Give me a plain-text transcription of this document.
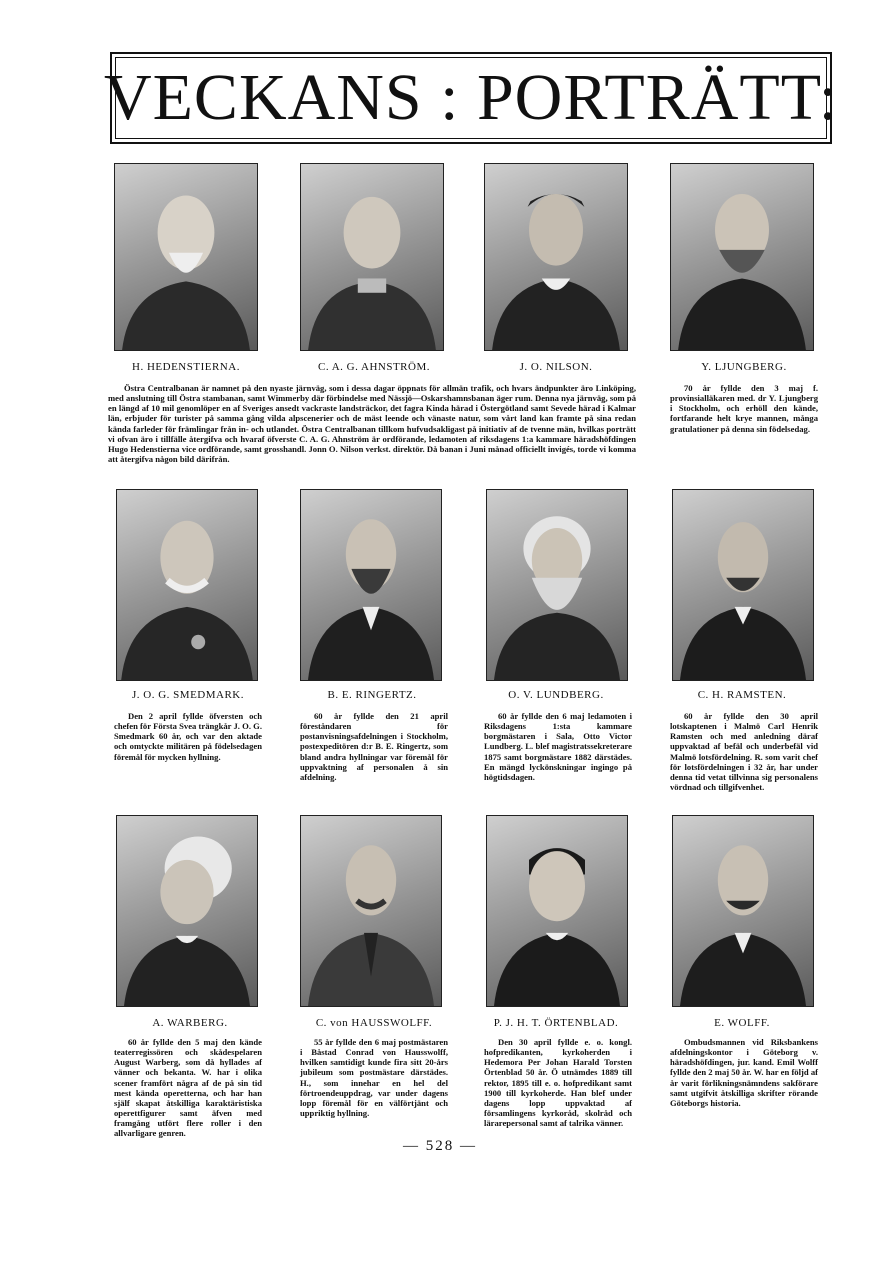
VECKANS : PORTRÄTT:
H. HEDENSTIERNA.	C. A. G. AHNSTRÖM.	J. O. NILSON.	Y. LJUNGBERG.
Östra Centralbanan är namnet på den nyaste järnväg, som i dessa dagar öppnats för allmän trafik, och hvars ändpunkter äro Linköping, med anslutning till Östra stambanan, samt Wimmerby där förbindelse med Nässjö—Oskarshamnsbanan äger rum. Denna nya järnväg, som på en längd af 10 mil genomlöper en af Sveriges ansedt vackraste landsträckor, det fagra Kinda härad i Östergötland samt Sevede härad i Kalmar län, erbjuder för turister på samma gång vilda alpscenerier och de mäst leende och vänaste natur, som vårt land kan framte på sina redan kända farleder för främlingar från in- och utlandet. Östra Centralbanan tillkom hufvudsakligast på initiativ af de tvenne män, hvilkas porträtt vi ofvan äro i tillfälle återgifva och hvaraf öfverste C. A. G. Ahnström är ordförande, ledamoten af riksdagens 1:a kammare häradshöfdingen Hugo Hedenstierna vice ordförande, samt grosshandl. Jonn O. Nilson verkst. direktör. Då banan i Juni månad officiellt invigés, torde vi komma att återgifva någon bild därifrån.
70 år fyllde den 3 maj f. provinsialläkaren med. dr Y. Ljungberg i Stockholm, och erhöll den kände, fortfarande helt krye mannen, många gratulationer på denna sin födelsedag.
J. O. G. SMEDMARK.
Den 2 april fyllde öfversten och chefen för Första Svea trängkår J. O. G. Smedmark 60 år, och var den aktade och omtyckte militären på födelsedagen föremål för mycken hyllning.
B. E. RINGERTZ.
60 år fyllde den 21 april föreståndaren för postanvisningsafdelningen i Stockholm, postexpeditören d:r B. E. Ringertz, som bland andra hyllningar var föremål för uppvaktning af personalen å sin afdelning.
O. V. LUNDBERG.
60 år fyllde den 6 maj ledamoten i Riksdagens 1:sta kammare borgmästaren i Sala, Otto Victor Lundberg. L. blef magistratssekreterare 1875 samt borgmästare 1882 därstädes. En mängd lyckönskningar ingingo på högtidsdagen.
C. H. RAMSTEN.
60 år fyllde den 30 april lotskaptenen i Malmö Carl Henrik Ramsten och med anledning däraf uppvaktad af befäl och underbefäl vid Malmö lotsfördelning. R. som varit chef för lotsfördelningen i 32 år, har under denna tid vetat tillvinna sig personalens vördnad och tillgifvenhet.
A. WARBERG.
60 år fyllde den 5 maj den kände teaterregissören och skådespelaren August Warberg, som då hyllades af vänner och bekanta. W. har i olika scener framfört några af de på sin tid mest kända operetterna, och har han själf skapat åtskilliga karaktäristiska operettfigurer samt äfven med framgång utfört flere roller i den allvarligare genren.
C. von HAUSSWOLFF.
55 år fyllde den 6 maj postmästaren i Båstad Conrad von Hausswolff, hvilken samtidigt kunde fira sitt 20-års jubileum som postmästare därstädes. H., som innehar en hel del förtroendeuppdrag, var under dagens lopp föremål för en välförtjänt och uppriktig hyllning.
P. J. H. T. ÖRTENBLAD.
Den 30 april fyllde e. o. kongl. hofpredikanten, kyrkoherden i Hedemora Per Johan Harald Torsten Örtenblad 50 år. Ö utnämdes 1889 till rektor, 1895 till e. o. hofpredikant samt 1900 till kyrkoherde. Han blef under dagens lopp uppvaktad af församlingens kyrkoråd, skolråd och lärarepersonal samt af talrika vänner.
E. WOLFF.
Ombudsmannen vid Riksbankens afdelningskontor i Göteborg v. häradshöfdingen, jur. kand. Emil Wolff fyllde den 2 maj 50 år. W. har en följd af år varit förlikningsnämndens sakförare samt utgifvit åtskilliga skrifter rörande Göteborgs historia.
— 528 —
